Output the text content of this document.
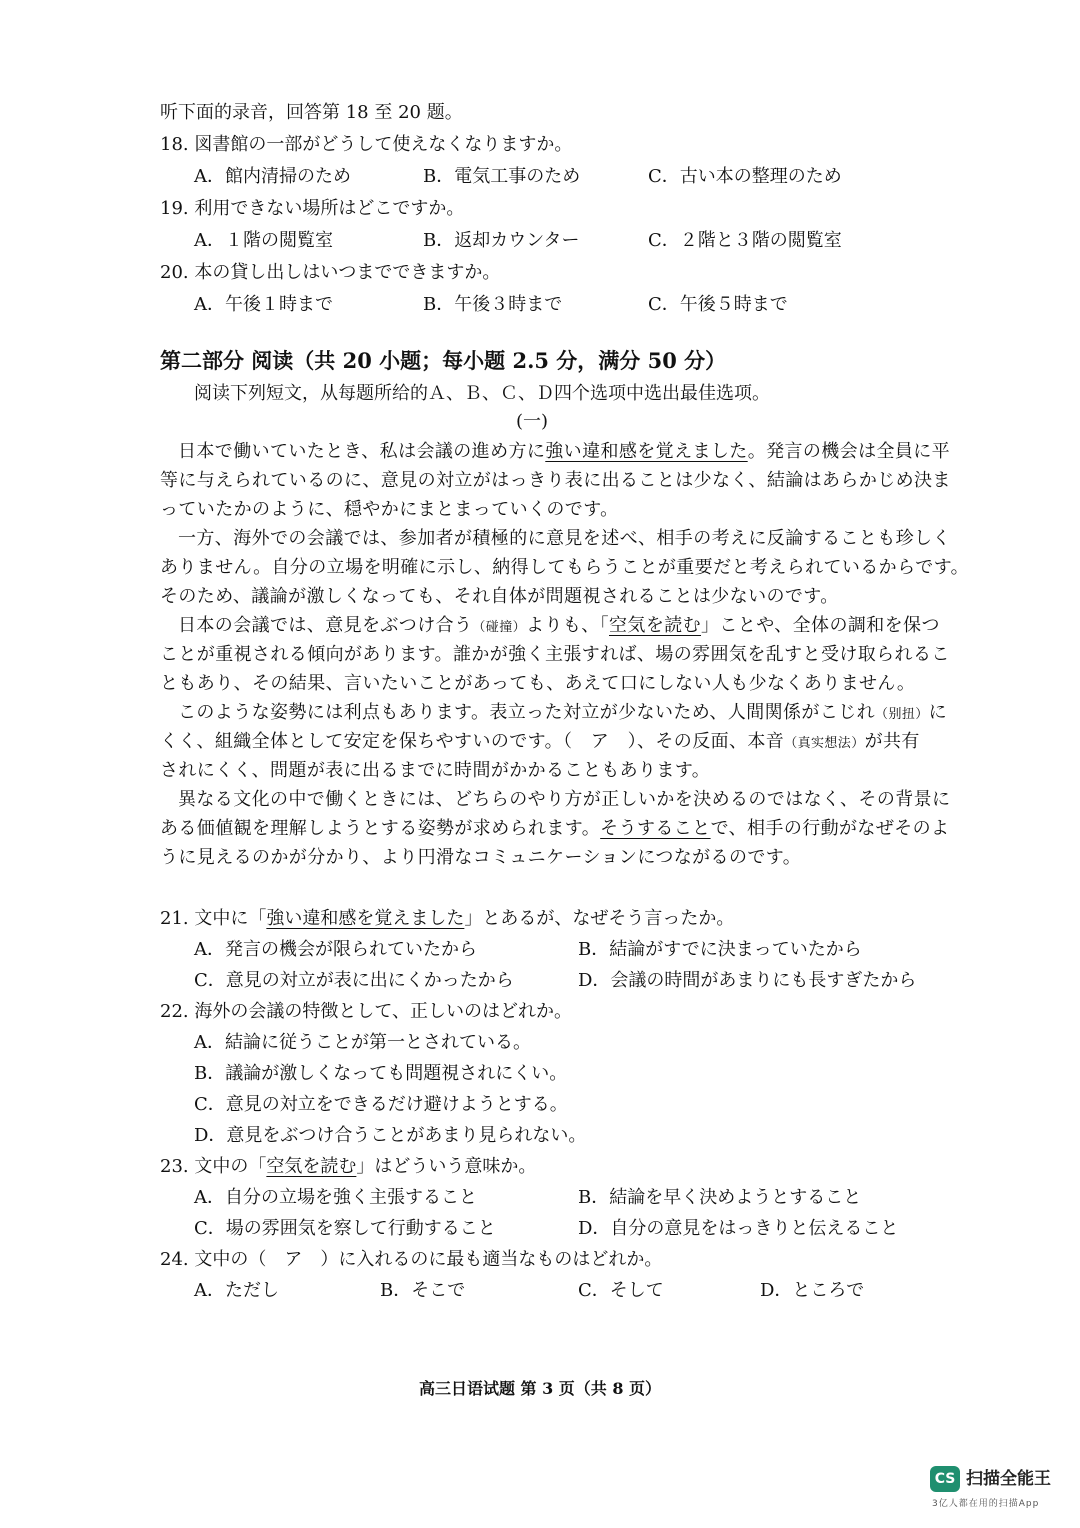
听下面的录音，回答第 18 至 20 题。
18. 図書館の一部がどうして使えなくなりますか。
A．館内清掃のため	B．電気工事のため	C．古い本の整理のため
19. 利用できない場所はどこですか。
A．１階の閲覧室	B．返却カウンター	C．２階と３階の閲覧室
20. 本の貸し出しはいつまでできますか。
A．午後１時まで	B．午後３時まで	C．午後５時まで
第二部分 阅读（共 20 小题；每小题 2.5 分，满分 50 分）
阅读下列短文，从每题所给的Ａ、Ｂ、Ｃ、Ｄ四个选项中选出最佳选项。
(一)
日本で働いていたとき、私は会議の進め方に強い違和感を覚えました。発言の機会は全員に平
等に与えられているのに、意見の対立がはっきり表に出ることは少なく、結論はあらかじめ決ま
っていたかのように、穏やかにまとまっていくのです。
一方、海外での会議では、参加者が積極的に意見を述べ、相手の考えに反論することも珍しく
ありません。自分の立場を明確に示し、納得してもらうことが重要だと考えられているからです。
そのため、議論が激しくなっても、それ自体が問題視されることは少ないのです。
日本の会議では、意見をぶつけ合う（碰撞）よりも、「空気を読む」ことや、全体の調和を保つ
ことが重視される傾向があります。誰かが強く主張すれば、場の雰囲気を乱すと受け取られるこ
ともあり、その結果、言いたいことがあっても、あえて口にしない人も少なくありません。
このような姿勢には利点もあります。表立った対立が少ないため、人間関係がこじれ（别扭）に
くく、組織全体として安定を保ちやすいのです。（　ア　）、その反面、本音（真实想法）が共有
されにくく、問題が表に出るまでに時間がかかることもあります。
異なる文化の中で働くときには、どちらのやり方が正しいかを決めるのではなく、その背景に
ある価値観を理解しようとする姿勢が求められます。そうすることで、相手の行動がなぜそのよ
うに見えるのかが分かり、より円滑なコミュニケーションにつながるのです。
21. 文中に「強い違和感を覚えました」とあるが、なぜそう言ったか。
A．発言の機会が限られていたから	B．結論がすでに決まっていたから
C．意見の対立が表に出にくかったから	D．会議の時間があまりにも長すぎたから
22. 海外の会議の特徴として、正しいのはどれか。
A．結論に従うことが第一とされている。
B．議論が激しくなっても問題視されにくい。
C．意見の対立をできるだけ避けようとする。
D．意見をぶつけ合うことがあまり見られない。
23. 文中の「空気を読む」はどういう意味か。
A．自分の立場を強く主張すること	B．結論を早く決めようとすること
C．場の雰囲気を察して行動すること	D．自分の意見をはっきりと伝えること
24. 文中の（　ア　）に入れるのに最も適当なものはどれか。
A．ただし	B．そこで	C．そして	D．ところで
高三日语试题 第 3 页（共 8 页）
CS 扫描全能王
3亿人都在用的扫描App
